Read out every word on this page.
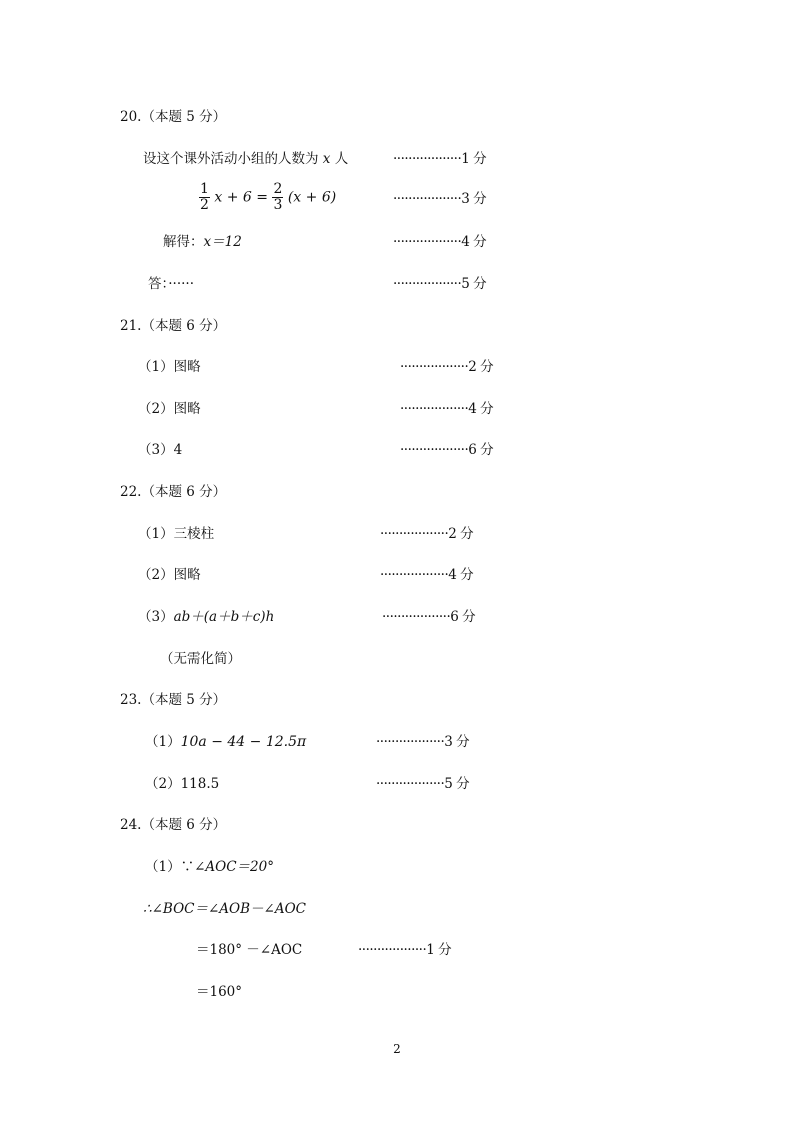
20.（本题 5 分）
设这个课外活动小组的人数为 x 人	··················1 分
$\frac{1}{2}$ $x + 6 = \frac{2}{3} (x + 6)$	··················3 分
解得：x＝12	··················4 分
答：······	··················5 分
21.（本题 6 分）
（1）图略	··················2 分
（2）图略	··················4 分
（3）4	··················6 分
22.（本题 6 分）
（1）三棱柱	··················2 分
（2）图略	··················4 分
（3）ab＋(a＋b＋c)h	··················6 分
（无需化简）
23.（本题 5 分）
（1）10a − 44 − 12.5π	··················3 分
（2）118.5	··················5 分
24.（本题 6 分）
（1）∵∠AOC＝20°
∴∠BOC＝∠AOB－∠AOC
＝180° －∠AOC	··················1 分
＝160°
2
